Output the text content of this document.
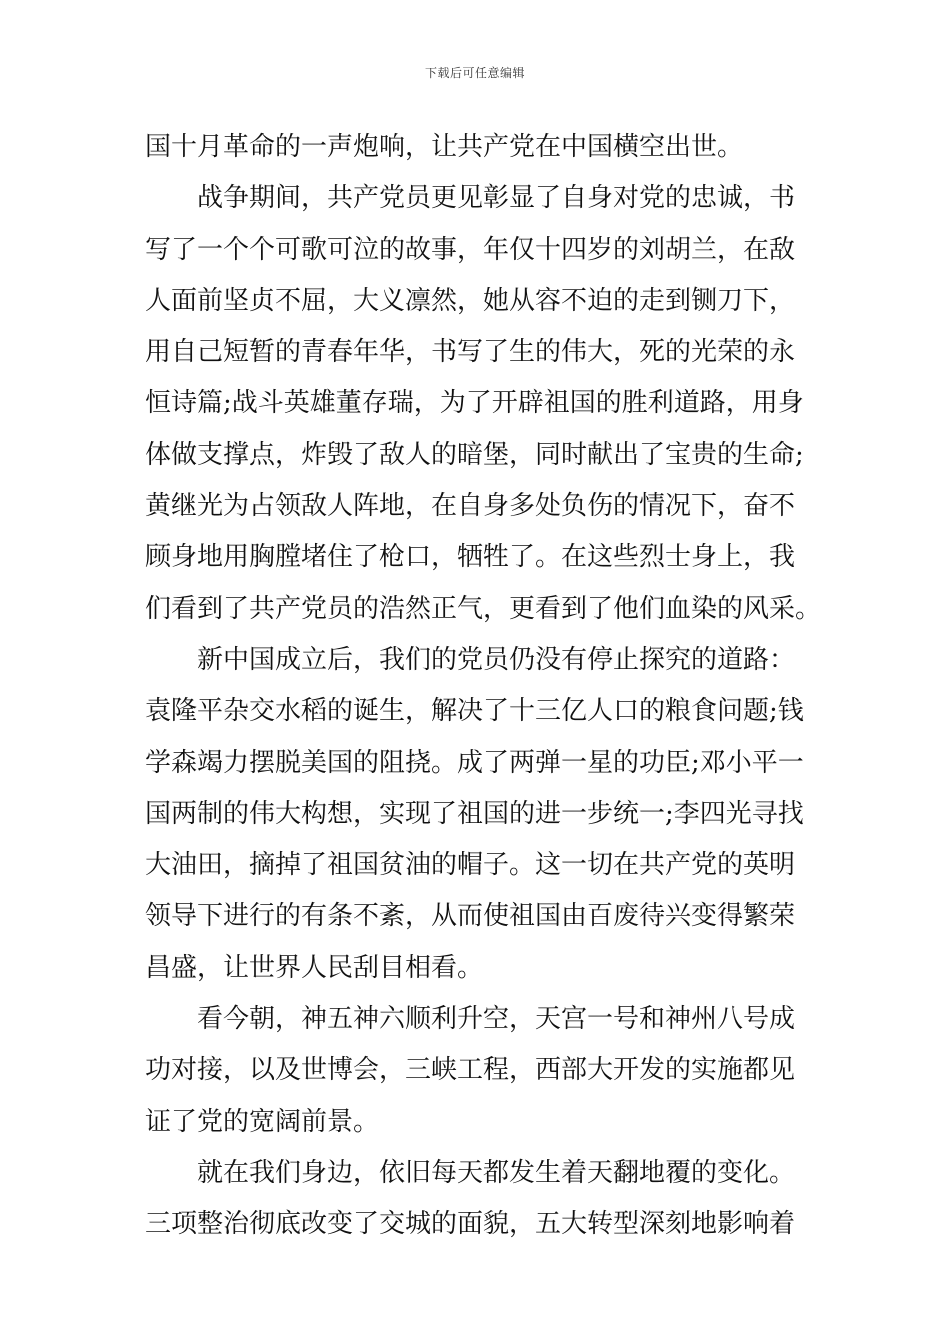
下载后可任意编辑
国十月革命的一声炮响，让共产党在中国横空出世。
战争期间，共产党员更见彰显了自身对党的忠诚，书
写了一个个可歌可泣的故事，年仅十四岁的刘胡兰，在敌
人面前坚贞不屈，大义凛然，她从容不迫的走到铡刀下，
用自己短暂的青春年华，书写了生的伟大，死的光荣的永
恒诗篇;战斗英雄董存瑞，为了开辟祖国的胜利道路，用身
体做支撑点，炸毁了敌人的暗堡，同时献出了宝贵的生命;
黄继光为占领敌人阵地，在自身多处负伤的情况下，奋不
顾身地用胸膛堵住了枪口，牺牲了。在这些烈士身上，我
们看到了共产党员的浩然正气，更看到了他们血染的风采。
新中国成立后，我们的党员仍没有停止探究的道路：
袁隆平杂交水稻的诞生，解决了十三亿人口的粮食问题;钱
学森竭力摆脱美国的阻挠。成了两弹一星的功臣;邓小平一
国两制的伟大构想，实现了祖国的进一步统一;李四光寻找
大油田，摘掉了祖国贫油的帽子。这一切在共产党的英明
领导下进行的有条不紊，从而使祖国由百废待兴变得繁荣
昌盛，让世界人民刮目相看。
看今朝，神五神六顺利升空，天宫一号和神州八号成
功对接，以及世博会，三峡工程，西部大开发的实施都见
证了党的宽阔前景。
就在我们身边，依旧每天都发生着天翻地覆的变化。
三项整治彻底改变了交城的面貌，五大转型深刻地影响着
